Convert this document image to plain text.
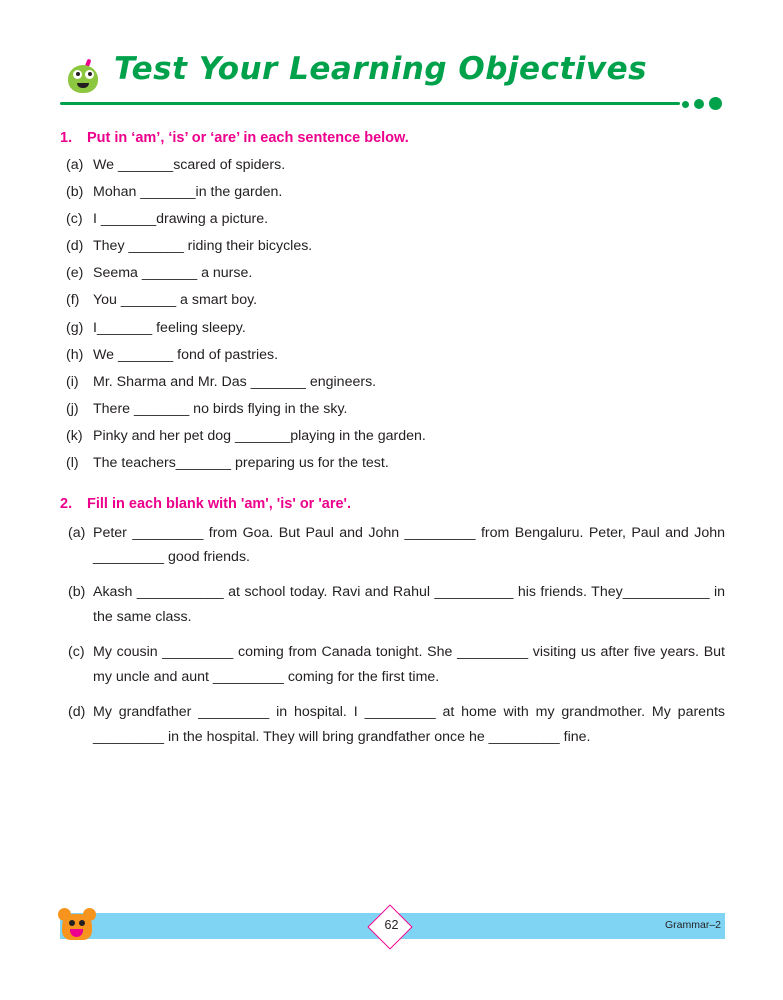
Test Your Learning Objectives
1.	Put in ‘am’, ‘is’ or ‘are’ in each sentence below.
(a) We _______scared of spiders.
(b) Mohan _______in the garden.
(c) I _______drawing a picture.
(d) They _______ riding their bicycles.
(e) Seema _______ a nurse.
(f) You _______ a smart boy.
(g) I_______ feeling sleepy.
(h) We _______ fond of pastries.
(i)	Mr. Sharma and Mr. Das _______ engineers.
(j)	There _______ no birds flying in the sky.
(k) Pinky and her pet dog _______playing in the garden.
(l)	The teachers_______ preparing us for the test.
2.	Fill in each blank with 'am', 'is' or 'are'.
(a) Peter _________ from Goa. But Paul and John _________ from Bengaluru. Peter, Paul and John _________ good friends.
(b) Akash ___________ at school today. Ravi and Rahul __________ his friends. They___________ in the same class.
(c) My cousin _________ coming from Canada tonight. She _________ visiting us after five years. But my uncle and aunt _________ coming for the first time.
(d) My grandfather _________ in hospital. I _________ at home with my grandmother. My parents _________ in the hospital. They will bring grandfather once he _________ fine.
62	Grammar–2
